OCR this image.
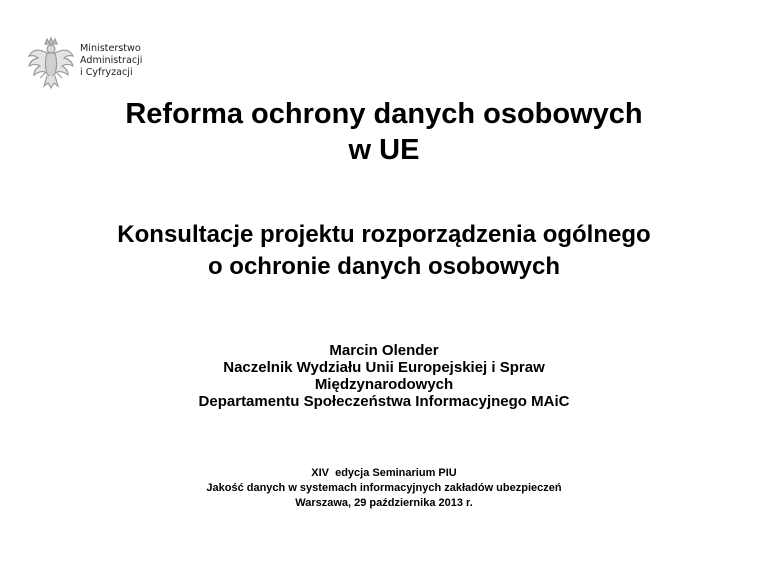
Ministerstwo
Administracji
i Cyfryzacji
Reforma ochrony danych osobowych
w UE
Konsultacje projektu rozporządzenia ogólnego
o ochronie danych osobowych
Marcin Olender
Naczelnik Wydziału Unii Europejskiej i Spraw Międzynarodowych
Departamentu Społeczeństwa Informacyjnego MAiC
XIV  edycja Seminarium PIU
Jakość danych w systemach informacyjnych zakładów ubezpieczeń
Warszawa, 29 października 2013 r.
